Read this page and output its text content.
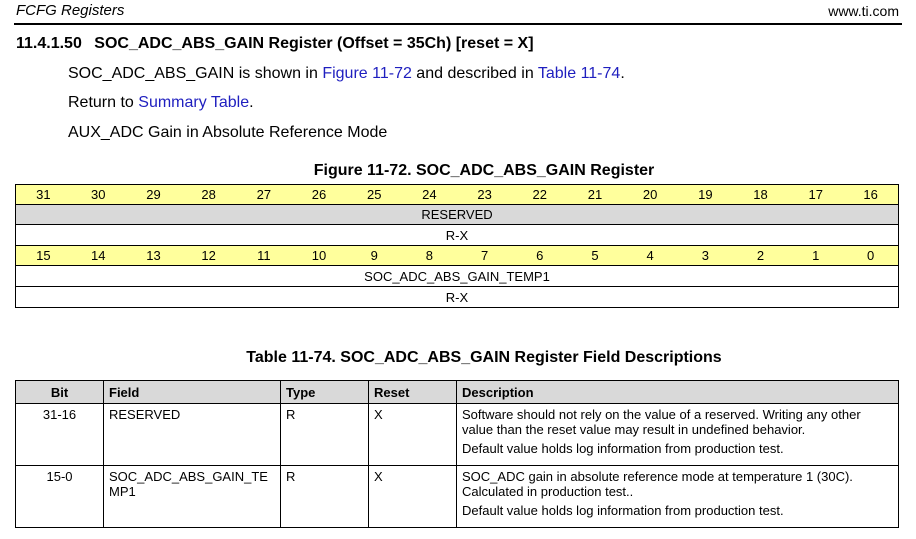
FCFG Registers	www.ti.com
11.4.1.50 SOC_ADC_ABS_GAIN Register (Offset = 35Ch) [reset = X]
SOC_ADC_ABS_GAIN is shown in Figure 11-72 and described in Table 11-74.
Return to Summary Table.
AUX_ADC Gain in Absolute Reference Mode
Figure 11-72. SOC_ADC_ABS_GAIN Register
31	30	29	28	27	26	25	24	23	22	21	20	19	18	17	16
RESERVED															
R-X															
15	14	13	12	11	10	9	8	7	6	5	4	3	2	1	0
SOC_ADC_ABS_GAIN_TEMP1															
R-X															
Table 11-74. SOC_ADC_ABS_GAIN Register Field Descriptions
Bit	Field	Type	Reset	Description
31-16	RESERVED	R	X	Software should not rely on the value of a reserved. Writing any other value than the reset value may result in undefined behavior.

Default value holds log information from production test.

15-0	SOC_ADC_ABS_GAIN_TEMP1	R	X	SOC_ADC gain in absolute reference mode at temperature 1 (30C). Calculated in production test..

Default value holds log information from production test.
